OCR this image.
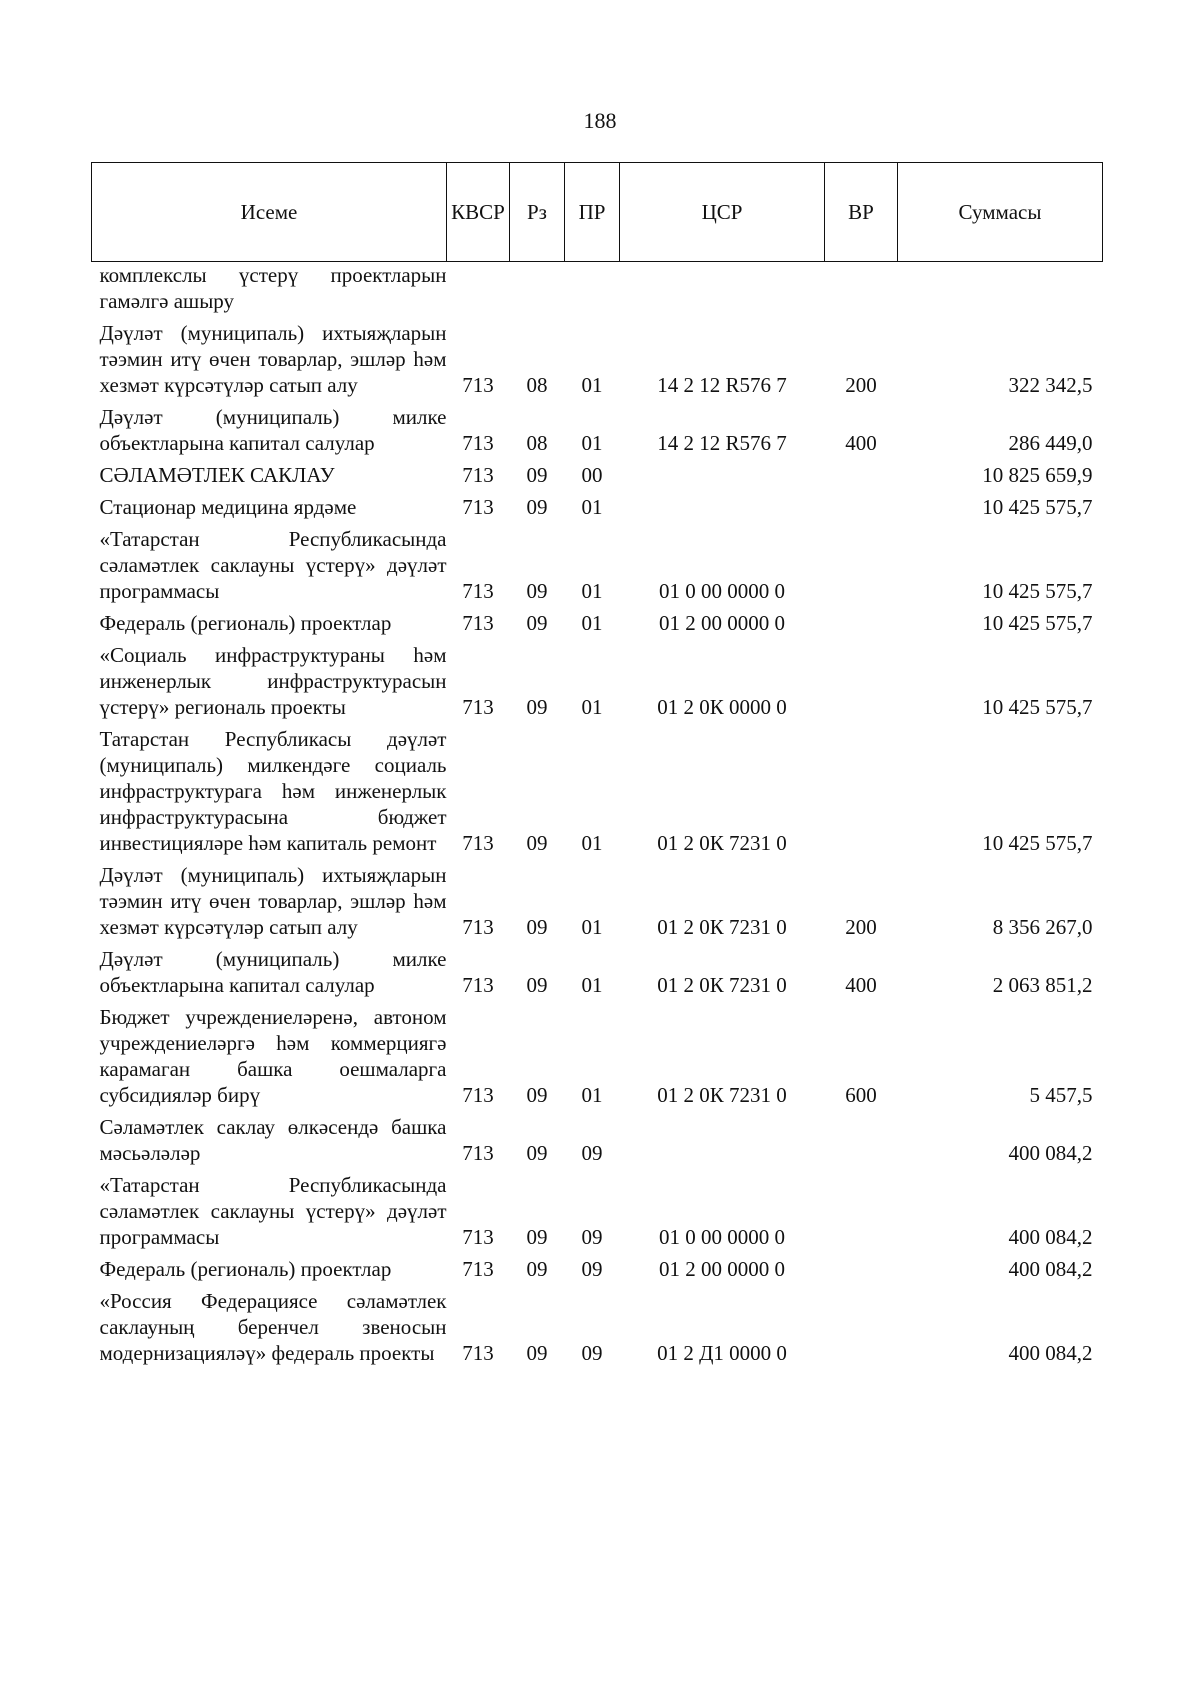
188
Исеме	КВСР	Рз	ПР	ЦСР	ВР	Суммасы
комплекслы үстерү проектларын гамәлгә ашыру						
Дәүләт (муниципаль) ихтыяҗларын тәэмин итү өчен товарлар, эшләр һәм хезмәт күрсәтүләр сатып алу	713	08	01	14 2 12 R576 7	200	322 342,5
Дәүләт (муниципаль) милке объектларына капитал салулар	713	08	01	14 2 12 R576 7	400	286 449,0
СӘЛАМӘТЛЕК САКЛАУ	713	09	00			10 825 659,9
Стационар медицина ярдәме	713	09	01			10 425 575,7
«Татарстан Республикасында сәламәтлек саклауны үстерү» дәүләт программасы	713	09	01	01 0 00 0000 0		10 425 575,7
Федераль (региональ) проектлар	713	09	01	01 2 00 0000 0		10 425 575,7
«Социаль инфраструктураны һәм инженерлык инфраструктурасын үстерү» региональ проекты	713	09	01	01 2 0К 0000 0		10 425 575,7
Татарстан Республикасы дәүләт (муниципаль) милкендәге социаль инфраструктурага һәм инженерлык инфраструктурасына бюджет инвестицияләре һәм капиталь ремонт	713	09	01	01 2 0К 7231 0		10 425 575,7
Дәүләт (муниципаль) ихтыяҗларын тәэмин итү өчен товарлар, эшләр һәм хезмәт күрсәтүләр сатып алу	713	09	01	01 2 0К 7231 0	200	8 356 267,0
Дәүләт (муниципаль) милке объектларына капитал салулар	713	09	01	01 2 0К 7231 0	400	2 063 851,2
Бюджет учреждениеләренә, автоном учреждениеләргә һәм коммерциягә карамаган башка оешмаларга субсидияләр бирү	713	09	01	01 2 0К 7231 0	600	5 457,5
Сәламәтлек саклау өлкәсендә башка мәсьәләләр	713	09	09			400 084,2
«Татарстан Республикасында сәламәтлек саклауны үстерү» дәүләт программасы	713	09	09	01 0 00 0000 0		400 084,2
Федераль (региональ) проектлар	713	09	09	01 2 00 0000 0		400 084,2
«Россия Федерациясе сәламәтлек саклауның беренчел звеносын модернизацияләү» федераль проекты	713	09	09	01 2 Д1 0000 0		400 084,2
